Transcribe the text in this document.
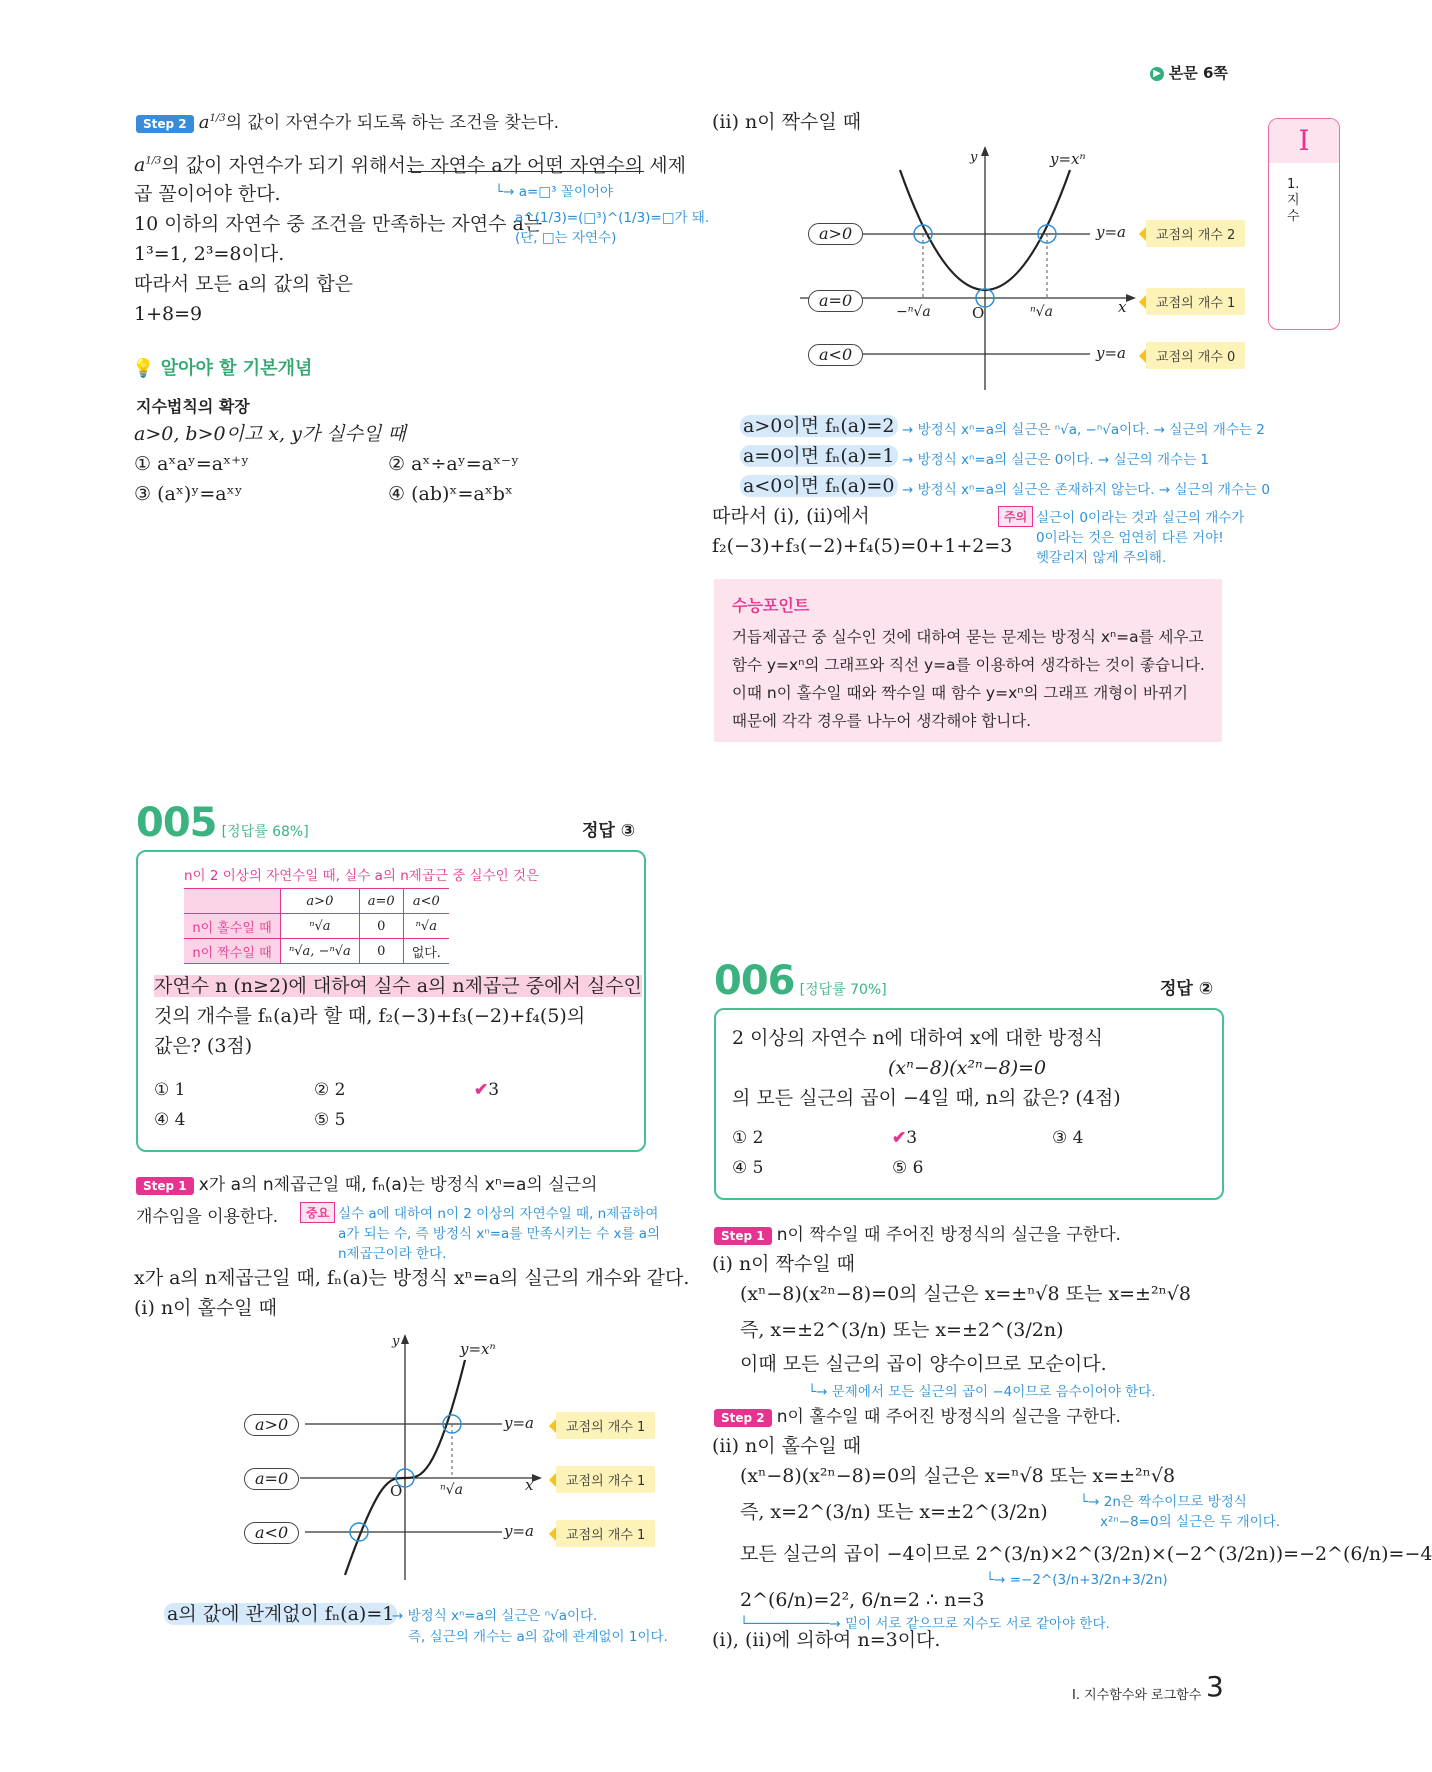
▶ 본문 6쪽
I
1.
지
수
Step 2 $a^{1/3}$의 값이 자연수가 되도록 하는 조건을 찾는다.
$a^{1/3}$의 값이 자연수가 되기 위해서는 자연수 a가 어떤 자연수의 세제
곱 꼴이어야 한다.	└→ a=□³ 꼴이어야
10 이하의 자연수 중 조건을 만족하는 자연수 a는
a^(1/3)=(□³)^(1/3)=□가 돼.
(단, □는 자연수)
1³=1, 2³=8이다.
따라서 모든 a의 값의 합은
1+8=9
💡 알아야 할 기본개념
지수법칙의 확장
a>0, b>0이고 x, y가 실수일 때
① aˣaʸ=aˣ⁺ʸ	② aˣ÷aʸ=aˣ⁻ʸ
③ (aˣ)ʸ=aˣʸ	④ (ab)ˣ=aˣbˣ
(ii) n이 짝수일 때
y	y=xⁿ
O	x
−ⁿ√a	ⁿ√a
a>0
a=0
a<0
y=a
y=a
교점의 개수 2
교점의 개수 1
교점의 개수 0
a>0이면 fₙ(a)=2 → 방정식 xⁿ=a의 실근은 ⁿ√a, −ⁿ√a이다. → 실근의 개수는 2
a=0이면 fₙ(a)=1 → 방정식 xⁿ=a의 실근은 0이다. → 실근의 개수는 1
a<0이면 fₙ(a)=0 → 방정식 xⁿ=a의 실근은 존재하지 않는다. → 실근의 개수는 0
따라서 (i), (ii)에서
f₂(−3)+f₃(−2)+f₄(5)=0+1+2=3
주의 실근이 0이라는 것과 실근의 개수가
0이라는 것은 엄연히 다른 거야!
헷갈리지 않게 주의해.
수능포인트
거듭제곱근 중 실수인 것에 대하여 묻는 문제는 방정식 xⁿ=a를 세우고
함수 y=xⁿ의 그래프와 직선 y=a를 이용하여 생각하는 것이 좋습니다.
이때 n이 홀수일 때와 짝수일 때 함수 y=xⁿ의 그래프 개형이 바뀌기
때문에 각각 경우를 나누어 생각해야 합니다.
005 [정답률 68%]	정답 ③
n이 2 이상의 자연수일 때, 실수 a의 n제곱근 중 실수인 것은
	a>0	a=0	a<0
n이 홀수일 때	ⁿ√a	0	ⁿ√a
n이 짝수일 때	ⁿ√a, −ⁿ√a	0	없다.
자연수 n (n≥2)에 대하여 실수 a의 n제곱근 중에서 실수인
것의 개수를 fₙ(a)라 할 때, f₂(−3)+f₃(−2)+f₄(5)의
값은? (3점)
① 1	② 2	✔3
④ 4	⑤ 5
Step 1 x가 a의 n제곱근일 때, fₙ(a)는 방정식 xⁿ=a의 실근의
개수임을 이용한다.	중요 실수 a에 대하여 n이 2 이상의 자연수일 때, n제곱하여
a가 되는 수, 즉 방정식 xⁿ=a를 만족시키는 수 x를 a의
n제곱근이라 한다.
x가 a의 n제곱근일 때, fₙ(a)는 방정식 xⁿ=a의 실근의 개수와 같다.
(i) n이 홀수일 때
y	y=xⁿ
O	x
ⁿ√a
a>0
a=0
a<0
y=a
y=a
교점의 개수 1
교점의 개수 1
교점의 개수 1
a의 값에 관계없이 fₙ(a)=1
→ 방정식 xⁿ=a의 실근은 ⁿ√a이다.
즉, 실근의 개수는 a의 값에 관계없이 1이다.
006 [정답률 70%]	정답 ②
2 이상의 자연수 n에 대하여 x에 대한 방정식
(xⁿ−8)(x²ⁿ−8)=0
의 모든 실근의 곱이 −4일 때, n의 값은? (4점)
① 2	✔3	③ 4
④ 5	⑤ 6
Step 1 n이 짝수일 때 주어진 방정식의 실근을 구한다.
(i) n이 짝수일 때
(xⁿ−8)(x²ⁿ−8)=0의 실근은 x=±ⁿ√8 또는 x=±²ⁿ√8
즉, x=±2^(3/n) 또는 x=±2^(3/2n)
이때 모든 실근의 곱이 양수이므로 모순이다.
└→ 문제에서 모든 실근의 곱이 −4이므로 음수이어야 한다.
Step 2 n이 홀수일 때 주어진 방정식의 실근을 구한다.
(ii) n이 홀수일 때
(xⁿ−8)(x²ⁿ−8)=0의 실근은 x=ⁿ√8 또는 x=±²ⁿ√8
└→ 2n은 짝수이므로 방정식
x²ⁿ−8=0의 실근은 두 개이다.
즉, x=2^(3/n) 또는 x=±2^(3/2n)
모든 실근의 곱이 −4이므로 2^(3/n)×2^(3/2n)×(−2^(3/2n))=−2^(6/n)=−4
└→ =−2^(3/n+3/2n+3/2n)
2^(6/n)=2², 6/n=2 ∴ n=3
└──────────→ 밑이 서로 같으므로 지수도 서로 같아야 한다.
(i), (ii)에 의하여 n=3이다.
Ⅰ. 지수함수와 로그함수 3
